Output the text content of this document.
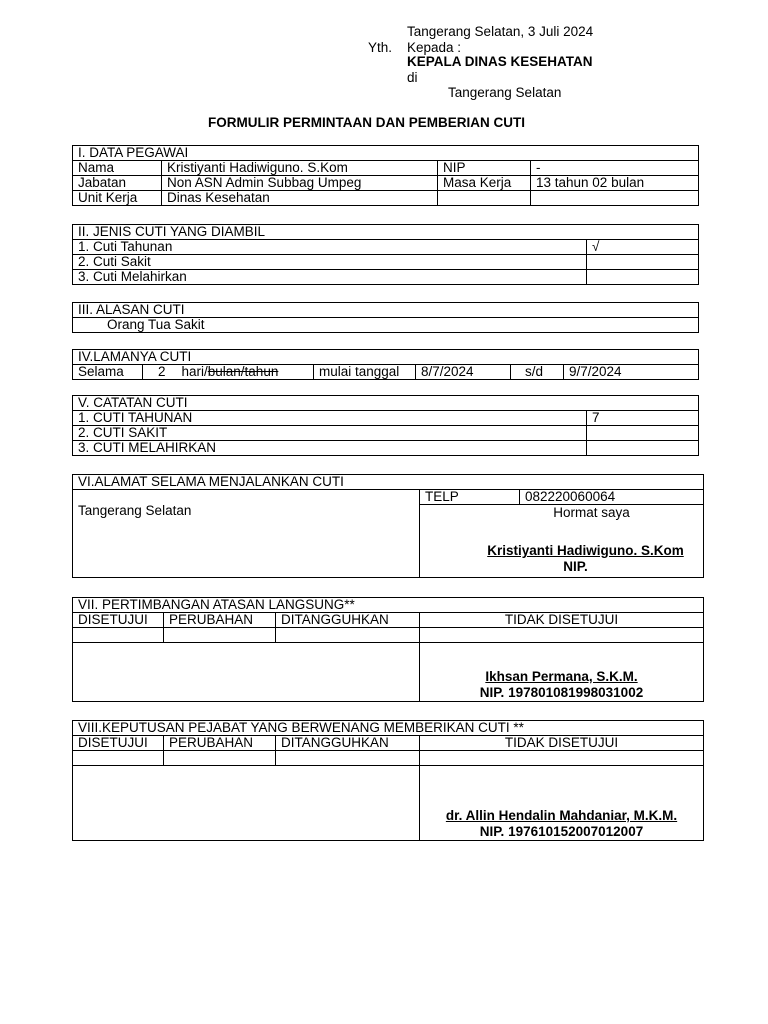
Tangerang Selatan, 3 Juli 2024
Yth. Kepada :
KEPALA DINAS KESEHATAN
di
Tangerang Selatan
FORMULIR PERMINTAAN DAN PEMBERIAN CUTI
I. DATA PEGAWAI			
Nama	Kristiyanti Hadiwiguno. S.Kom	NIP	-
Jabatan	Non ASN Admin Subbag Umpeg	Masa Kerja	13 tahun 02 bulan
Unit Kerja	Dinas Kesehatan		
II. JENIS CUTI YANG DIAMBIL	
1. Cuti Tahunan	√
2. Cuti Sakit	
3. Cuti Melahirkan	
III. ALASAN CUTI
Orang Tua Sakit
IV.LAMANYA CUTI
Selama	2	hari/bulan/tahun	mulai tanggal	8/7/2024	s/d	9/7/2024
V. CATATAN CUTI	
1. CUTI TAHUNAN	7
2. CUTI SAKIT	
3. CUTI MELAHIRKAN	
VI.ALAMAT SELAMA MENJALANKAN CUTI
Tangerang Selatan	TELP	082220060064

Hormat saya
Kristiyanti Hadiwiguno. S.Kom
NIP.
VII. PERTIMBANGAN ATASAN LANGSUNG**			
DISETUJUI	PERUBAHAN	DITANGGUHKAN	TIDAK DISETUJUI

			Ikhsan Permana, S.K.M.
NIP. 197801081998031002
VIII.KEPUTUSAN PEJABAT YANG BERWENANG MEMBERIKAN CUTI **			
DISETUJUI	PERUBAHAN	DITANGGUHKAN	TIDAK DISETUJUI

			dr. Allin Hendalin Mahdaniar, M.K.M.
NIP. 197610152007012007
